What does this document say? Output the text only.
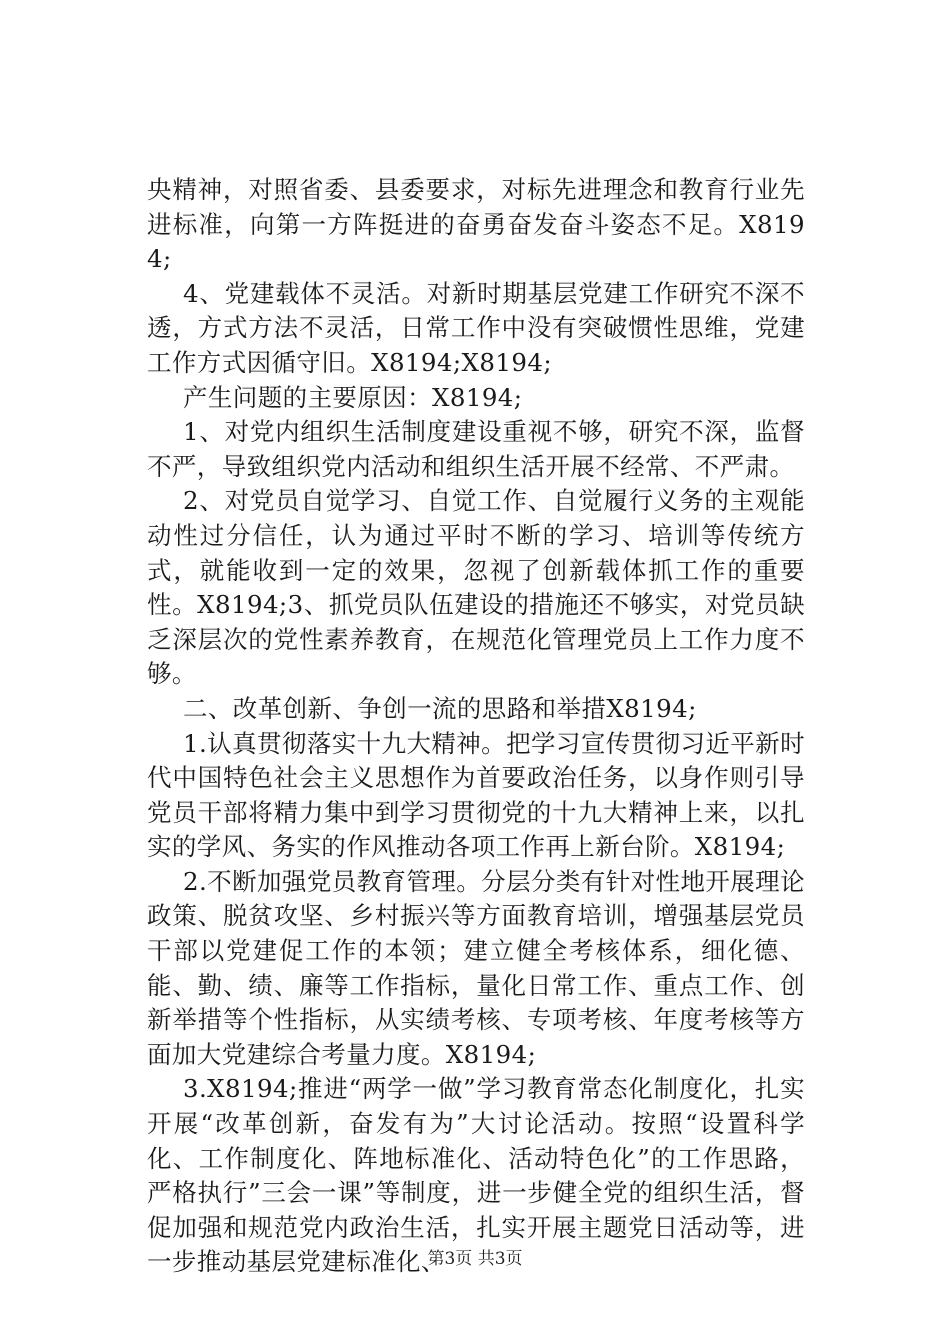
央精神，对照省委、县委要求，对标先进理念和教育行业先进标准，向第一方阵挺进的奋勇奋发奋斗姿态不足。X8194;

4、党建载体不灵活。对新时期基层党建工作研究不深不透，方式方法不灵活，日常工作中没有突破惯性思维，党建工作方式因循守旧。X8194;X8194;

产生问题的主要原因：X8194;

1、对党内组织生活制度建设重视不够，研究不深，监督不严，导致组织党内活动和组织生活开展不经常、不严肃。

2、对党员自觉学习、自觉工作、自觉履行义务的主观能动性过分信任，认为通过平时不断的学习、培训等传统方式，就能收到一定的效果，忽视了创新载体抓工作的重要性。X8194;3、抓党员队伍建设的措施还不够实，对党员缺乏深层次的党性素养教育，在规范化管理党员上工作力度不够。

二、改革创新、争创一流的思路和举措X8194;

1.认真贯彻落实十九大精神。把学习宣传贯彻习近平新时代中国特色社会主义思想作为首要政治任务，以身作则引导党员干部将精力集中到学习贯彻党的十九大精神上来，以扎实的学风、务实的作风推动各项工作再上新台阶。X8194;

2.不断加强党员教育管理。分层分类有针对性地开展理论政策、脱贫攻坚、乡村振兴等方面教育培训，增强基层党员干部以党建促工作的本领；建立健全考核体系，细化德、能、勤、绩、廉等工作指标，量化日常工作、重点工作、创新举措等个性指标，从实绩考核、专项考核、年度考核等方面加大党建综合考量力度。X8194;

3.X8194;推进“两学一做”学习教育常态化制度化，扎实开展“改革创新，奋发有为”大讨论活动。按照“设置科学化、工作制度化、阵地标准化、活动特色化”的工作思路，严格执行”三会一课”等制度，进一步健全党的组织生活，督促加强和规范党内政治生活，扎实开展主题党日活动等，进一步推动基层党建标准化、

第3页 共3页
